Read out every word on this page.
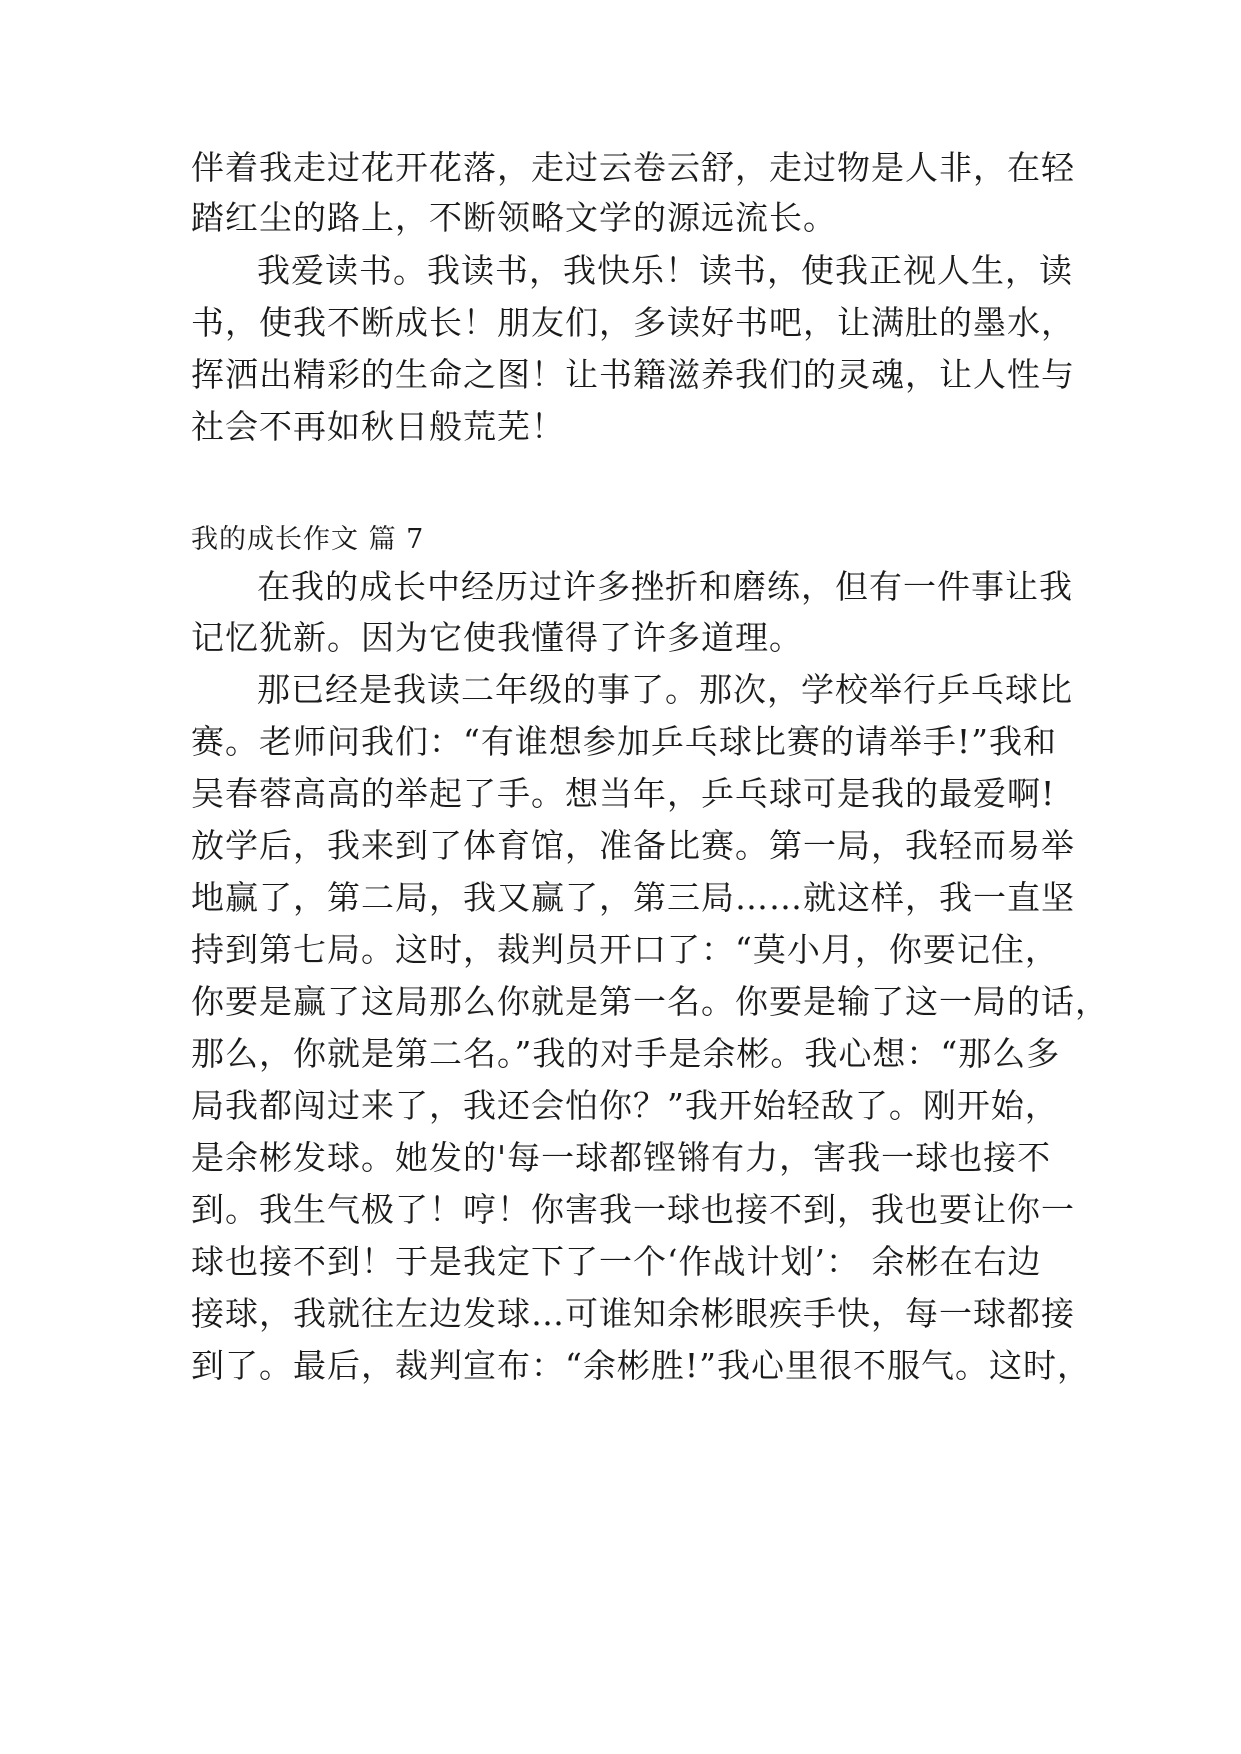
伴着我走过花开花落，走过云卷云舒，走过物是人非，在轻
踏红尘的路上，不断领略文学的源远流长。
我爱读书。我读书，我快乐！读书，使我正视人生，读
书，使我不断成长！朋友们，多读好书吧，让满肚的墨水，
挥洒出精彩的生命之图！让书籍滋养我们的灵魂，让人性与
社会不再如秋日般荒芜！
我的成长作文 篇 7
在我的成长中经历过许多挫折和磨练，但有一件事让我
记忆犹新。因为它使我懂得了许多道理。
那已经是我读二年级的事了。那次，学校举行乒乓球比
赛。老师问我们：“有谁想参加乒乓球比赛的请举手!”我和
吴春蓉高高的举起了手。想当年，乒乓球可是我的最爱啊!
放学后，我来到了体育馆，准备比赛。第一局，我轻而易举
地赢了，第二局，我又赢了，第三局……就这样，我一直坚
持到第七局。这时，裁判员开口了：“莫小月，你要记住，
你要是赢了这局那么你就是第一名。你要是输了这一局的话，
那么，你就是第二名。”我的对手是余彬。我心想：“那么多
局我都闯过来了，我还会怕你？”我开始轻敌了。刚开始，
是余彬发球。她发的'每一球都铿锵有力，害我一球也接不
到。我生气极了！哼！你害我一球也接不到，我也要让你一
球也接不到！于是我定下了一个‘作战计划’： 余彬在右边
接球，我就往左边发球…可谁知余彬眼疾手快，每一球都接
到了。最后，裁判宣布：“余彬胜!”我心里很不服气。这时，
